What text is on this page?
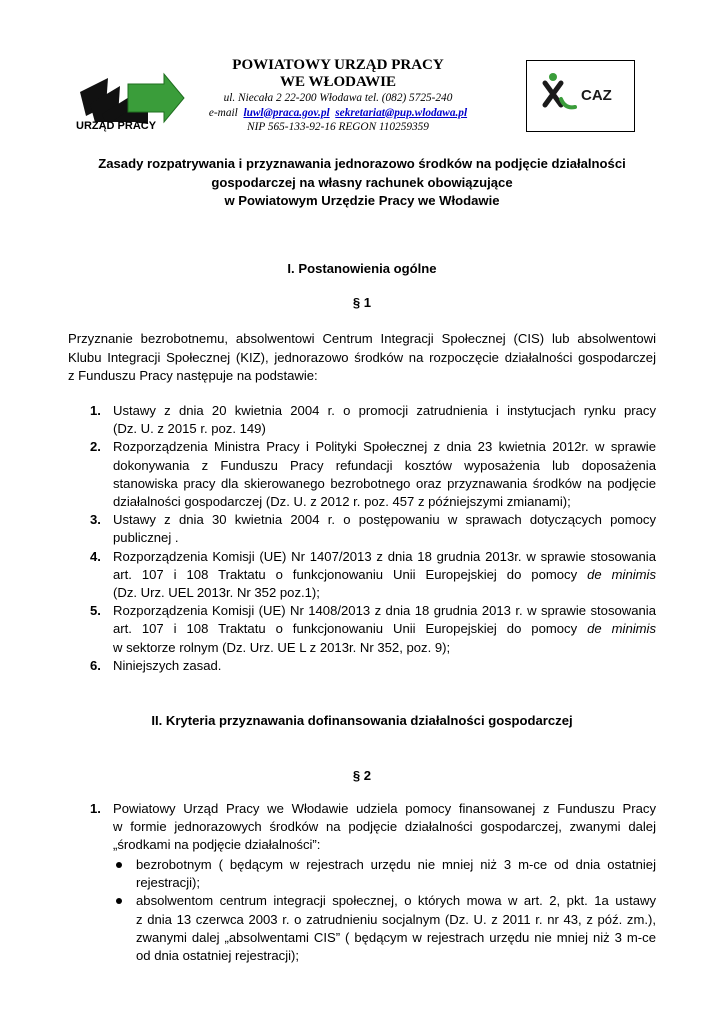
URZĄD PRACY
POWIATOWY URZĄD PRACY
WE WŁODAWIE
ul. Niecała 2 22-200 Włodawa tel. (082) 5725-240
e-mail luwl@praca.gov.pl sekretariat@pup.wlodawa.pl
NIP 565-133-92-16 REGON 110259359
CAZ
Zasady rozpatrywania i przyznawania jednorazowo środków na podjęcie działalności
gospodarczej na własny rachunek obowiązujące
w Powiatowym Urzędzie Pracy we Włodawie
I. Postanowienia ogólne
§ 1
Przyznanie bezrobotnemu, absolwentowi Centrum Integracji Społecznej (CIS) lub absolwentowi
Klubu Integracji Społecznej (KIZ), jednorazowo środków na rozpoczęcie działalności gospodarczej
z Funduszu Pracy następuje na podstawie:
1. Ustawy z dnia 20 kwietnia 2004 r. o promocji zatrudnienia i instytucjach rynku pracy
(Dz. U. z 2015 r. poz. 149)
2. Rozporządzenia Ministra Pracy i Polityki Społecznej z dnia 23 kwietnia 2012r. w sprawie
dokonywania z Funduszu Pracy refundacji kosztów wyposażenia lub doposażenia
stanowiska pracy dla skierowanego bezrobotnego oraz przyznawania środków na podjęcie
działalności gospodarczej (Dz. U. z 2012 r. poz. 457 z późniejszymi zmianami);
3. Ustawy z dnia 30 kwietnia 2004 r. o postępowaniu w sprawach dotyczących pomocy
publicznej .
4. Rozporządzenia Komisji (UE) Nr 1407/2013 z dnia 18 grudnia 2013r. w sprawie stosowania
art. 107 i 108 Traktatu o funkcjonowaniu Unii Europejskiej do pomocy de minimis
(Dz. Urz. UEL 2013r. Nr 352 poz.1);
5. Rozporządzenia Komisji (UE) Nr 1408/2013 z dnia 18 grudnia 2013 r. w sprawie stosowania
art. 107 i 108 Traktatu o funkcjonowaniu Unii Europejskiej do pomocy de minimis
w sektorze rolnym (Dz. Urz. UE L z 2013r. Nr 352, poz. 9);
6. Niniejszych zasad.
II. Kryteria przyznawania dofinansowania działalności gospodarczej
§ 2
1. Powiatowy Urząd Pracy we Włodawie udziela pomocy finansowanej z Funduszu Pracy
w formie jednorazowych środków na podjęcie działalności gospodarczej, zwanymi dalej
„środkami na podjęcie działalności”:
bezrobotnym ( będącym w rejestrach urzędu nie mniej niż 3 m-ce od dnia ostatniej
rejestracji);
absolwentom centrum integracji społecznej, o których mowa w art. 2, pkt. 1a ustawy
z dnia 13 czerwca 2003 r. o zatrudnieniu socjalnym (Dz. U. z 2011 r. nr 43, z póź. zm.),
zwanymi dalej „absolwentami CIS” ( będącym w rejestrach urzędu nie mniej niż 3 m-ce
od dnia ostatniej rejestracji);
